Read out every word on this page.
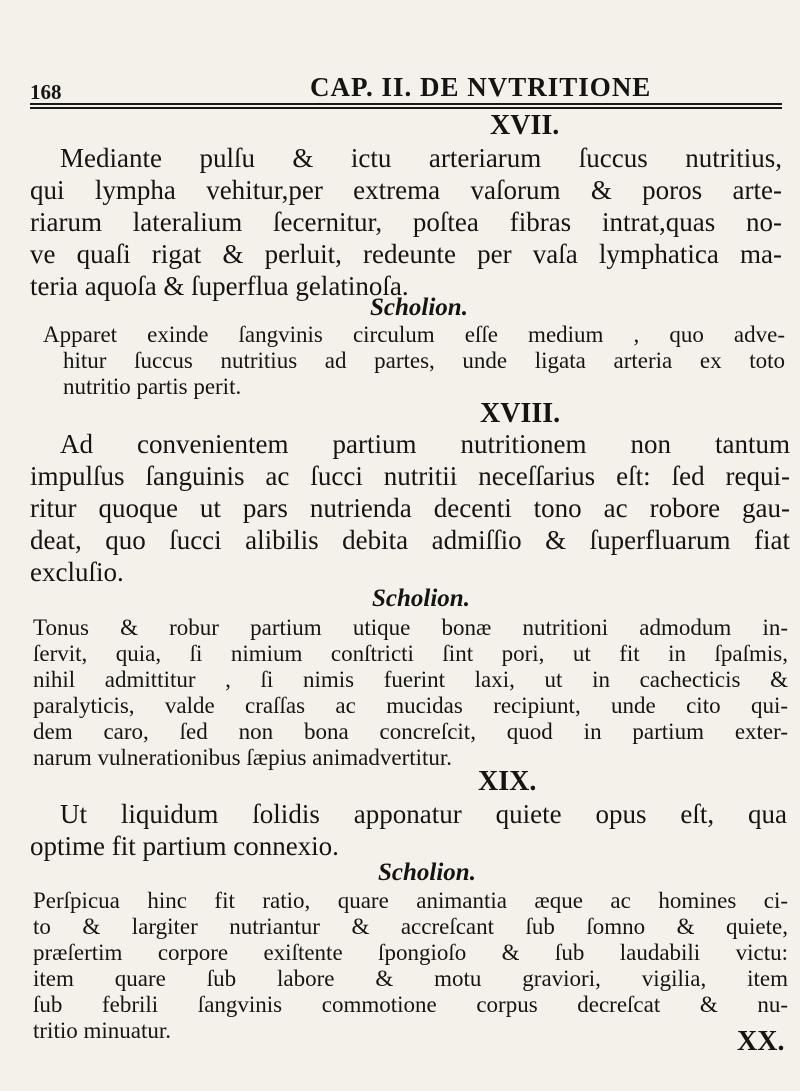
168	CAP. II. DE NVTRITIONE
XVII.
Mediante pulſu & ictu arteriarum ſuccus nutritius,
qui lympha vehitur,per extrema vaſorum & poros arte-
riarum lateralium ſecernitur, poſtea fibras intrat,quas no-
ve quaſi rigat & perluit, redeunte per vaſa lymphatica ma-
teria aquoſa & ſuperflua gelatinoſa.
Scholion.
Apparet exinde ſangvinis circulum eſſe medium , quo adve-
hitur ſuccus nutritius ad partes, unde ligata arteria ex toto
nutritio partis perit.
XVIII.
Ad convenientem partium nutritionem non tantum
impulſus ſanguinis ac ſucci nutritii neceſſarius eſt: ſed requi-
ritur quoque ut pars nutrienda decenti tono ac robore gau-
deat, quo ſucci alibilis debita admiſſio & ſuperfluarum fiat
excluſio.
Scholion.
Tonus & robur partium utique bonæ nutritioni admodum in-
ſervit, quia, ſi nimium conſtricti ſint pori, ut fit in ſpaſmis,
nihil admittitur , ſi nimis fuerint laxi, ut in cachecticis &
paralyticis, valde craſſas ac mucidas recipiunt, unde cito qui-
dem caro, ſed non bona concreſcit, quod in partium exter-
narum vulnerationibus ſæpius animadvertitur.
XIX.
Ut liquidum ſolidis apponatur quiete opus eſt, qua
optime fit partium connexio.
Scholion.
Perſpicua hinc fit ratio, quare animantia æque ac homines ci-
to & largiter nutriantur & accreſcant ſub ſomno & quiete,
præſertim corpore exiſtente ſpongioſo & ſub laudabili victu:
item quare ſub labore & motu graviori, vigilia, item
ſub febrili ſangvinis commotione corpus decreſcat & nu-
tritio minuatur.	XX.
